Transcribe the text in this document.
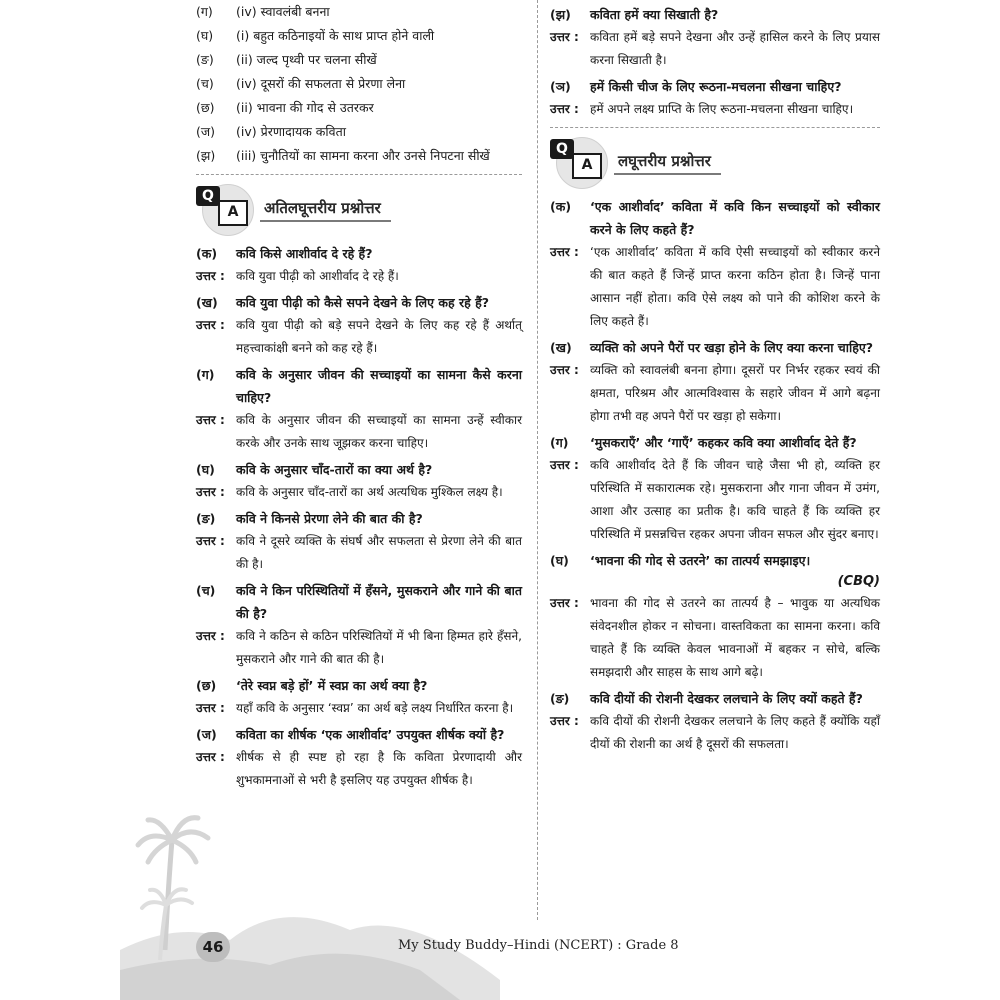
(ग)	(iv) स्वावलंबी बनना
(घ)	(i) बहुत कठिनाइयों के साथ प्राप्त होने वाली
(ङ)	(ii) जल्द पृथ्वी पर चलना सीखें
(च)	(iv) दूसरों की सफलता से प्रेरणा लेना
(छ)	(ii) भावना की गोद से उतरकर
(ज)	(iv) प्रेरणादायक कविता
(झ)	(iii) चुनौतियों का सामना करना और उनसे निपटना सीखें
Q
A	अतिलघूत्तरीय प्रश्नोत्तर
(क)	कवि किसे आशीर्वाद दे रहे हैं?
उत्तर : कवि युवा पीढ़ी को आशीर्वाद दे रहे हैं।
(ख)	कवि युवा पीढ़ी को कैसे सपने देखने के लिए कह रहे हैं?
उत्तर : कवि युवा पीढ़ी को बड़े सपने देखने के लिए कह रहे हैं अर्थात् महत्त्वाकांक्षी बनने को कह रहे हैं।
(ग)	कवि के अनुसार जीवन की सच्चाइयों का सामना कैसे करना चाहिए?
उत्तर : कवि के अनुसार जीवन की सच्चाइयों का सामना उन्हें स्वीकार करके और उनके साथ जूझकर करना चाहिए।
(घ)	कवि के अनुसार चाँद-तारों का क्या अर्थ है?
उत्तर : कवि के अनुसार चाँद-तारों का अर्थ अत्यधिक मुश्किल लक्ष्य है।
(ङ)	कवि ने किनसे प्रेरणा लेने की बात की है?
उत्तर : कवि ने दूसरे व्यक्ति के संघर्ष और सफलता से प्रेरणा लेने की बात की है।
(च)	कवि ने किन परिस्थितियों में हँसने, मुसकराने और गाने की बात की है?
उत्तर : कवि ने कठिन से कठिन परिस्थितियों में भी बिना हिम्मत हारे हँसने, मुसकराने और गाने की बात की है।
(छ)	‘तेरे स्वप्न बड़े हों’ में स्वप्न का अर्थ क्या है?
उत्तर : यहाँ कवि के अनुसार ‘स्वप्न’ का अर्थ बड़े लक्ष्य निर्धारित करना है।
(ज)	कविता का शीर्षक ‘एक आशीर्वाद’ उपयुक्त शीर्षक क्यों है?
उत्तर : शीर्षक से ही स्पष्ट हो रहा है कि कविता प्रेरणादायी और शुभकामनाओं से भरी है इसलिए यह उपयुक्त शीर्षक है।
(झ)	कविता हमें क्या सिखाती है?
उत्तर : कविता हमें बड़े सपने देखना और उन्हें हासिल करने के लिए प्रयास करना सिखाती है।
(ञ)	हमें किसी चीज के लिए रूठना-मचलना सीखना चाहिए?
उत्तर : हमें अपने लक्ष्य प्राप्ति के लिए रूठना-मचलना सीखना चाहिए।
Q
A	लघूत्तरीय प्रश्नोत्तर
(क)	‘एक आशीर्वाद’ कविता में कवि किन सच्चाइयों को स्वीकार करने के लिए कहते हैं?
उत्तर : ‘एक आशीर्वाद’ कविता में कवि ऐसी सच्चाइयों को स्वीकार करने की बात कहते हैं जिन्हें प्राप्त करना कठिन होता है। जिन्हें पाना आसान नहीं होता। कवि ऐसे लक्ष्य को पाने की कोशिश करने के लिए कहते हैं।
(ख)	व्यक्ति को अपने पैरों पर खड़ा होने के लिए क्या करना चाहिए?
उत्तर : व्यक्ति को स्वावलंबी बनना होगा। दूसरों पर निर्भर रहकर स्वयं की क्षमता, परिश्रम और आत्मविश्वास के सहारे जीवन में आगे बढ़ना होगा तभी वह अपने पैरों पर खड़ा हो सकेगा।
(ग)	‘मुसकराएँ’ और ‘गाएँ’ कहकर कवि क्या आशीर्वाद देते हैं?
उत्तर : कवि आशीर्वाद देते हैं कि जीवन चाहे जैसा भी हो, व्यक्ति हर परिस्थिति में सकारात्मक रहे। मुसकराना और गाना जीवन में उमंग, आशा और उत्साह का प्रतीक है। कवि चाहते हैं कि व्यक्ति हर परिस्थिति में प्रसन्नचित्त रहकर अपना जीवन सफल और सुंदर बनाए।
(घ)	‘भावना की गोद से उतरने’ का तात्पर्य समझाइए।
(CBQ)
उत्तर : भावना की गोद से उतरने का तात्पर्य है – भावुक या अत्यधिक संवेदनशील होकर न सोचना। वास्तविकता का सामना करना। कवि चाहते हैं कि व्यक्ति केवल भावनाओं में बहकर न सोचे, बल्कि समझदारी और साहस के साथ आगे बढ़े।
(ङ)	कवि दीयों की रोशनी देखकर ललचाने के लिए क्यों कहते हैं?
उत्तर : कवि दीयों की रोशनी देखकर ललचाने के लिए कहते हैं क्योंकि यहाँ दीयों की रोशनी का अर्थ है दूसरों की सफलता।
46	My Study Buddy–Hindi (NCERT) : Grade 8
